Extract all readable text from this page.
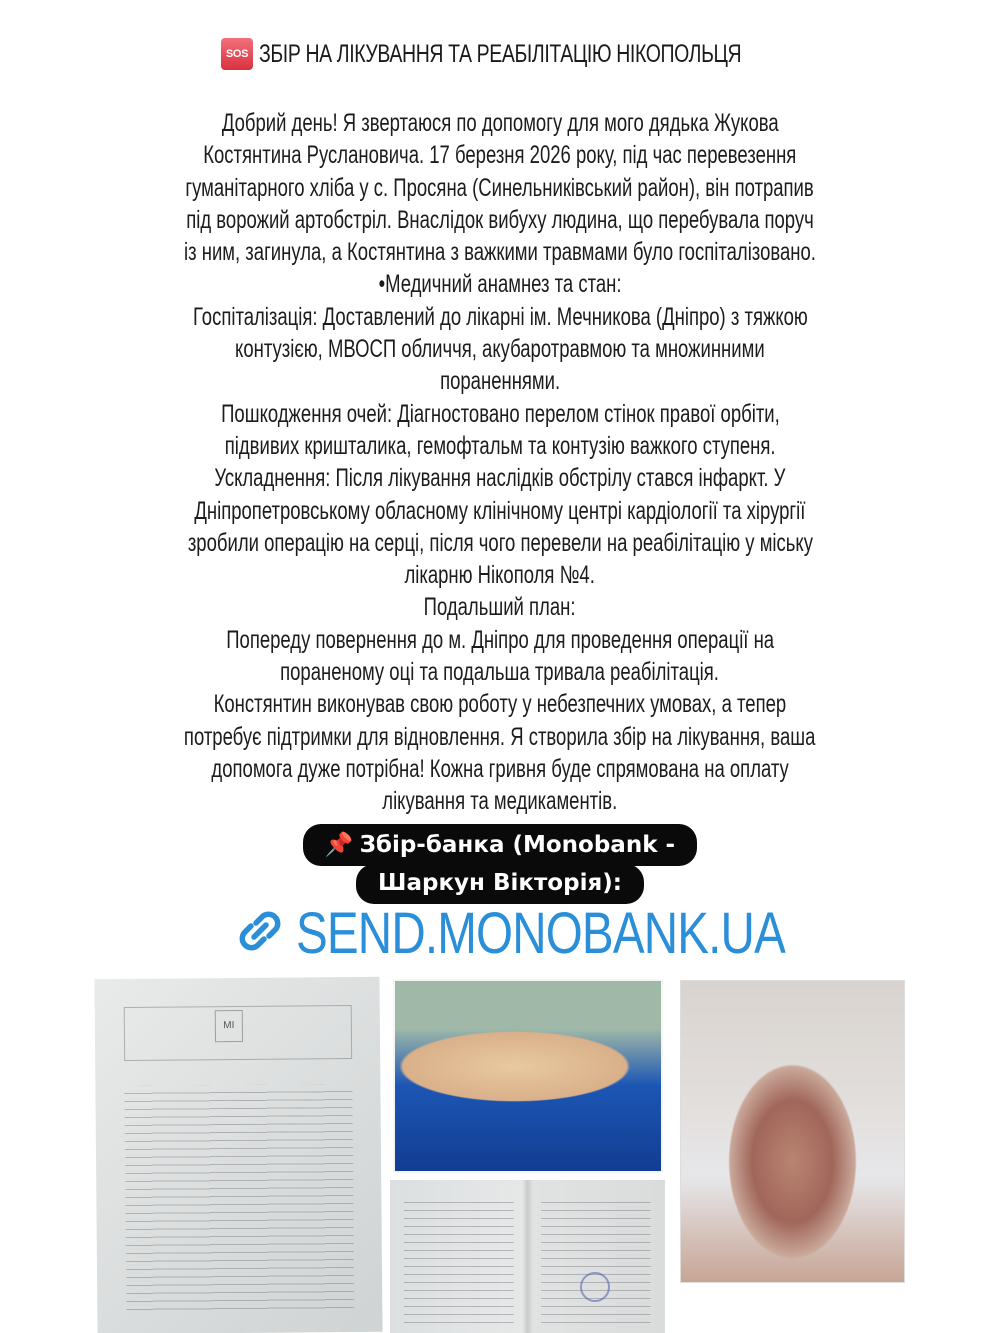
SOS ЗБІР НА ЛІКУВАННЯ ТА РЕАБІЛІТАЦІЮ НІКОПОЛЬЦЯ
Добрий день! Я звертаюся по допомогу для мого дядька Жукова
Костянтина Руслановича. 17 березня 2026 року, під час перевезення
гуманітарного хліба у с. Просяна (Синельниківський район), він потрапив
під ворожий артобстріл. Внаслідок вибуху людина, що перебувала поруч
із ним, загинула, а Костянтина з важкими травмами було госпіталізовано.
•Медичний анамнез та стан:
Госпіталізація: Доставлений до лікарні ім. Мечникова (Дніпро) з тяжкою
контузією, МВОСП обличчя, акубаротравмою та множинними
пораненнями.
Пошкодження очей: Діагностовано перелом стінок правої орбіти,
підвивих кришталика, гемофтальм та контузію важкого ступеня.
Ускладнення: Після лікування наслідків обстрілу стався інфаркт. У
Дніпропетровському обласному клінічному центрі кардіології та хірургії
зробили операцію на серці, після чого перевели на реабілітацію у міську
лікарню Нікополя №4.
Подальший план:
Попереду повернення до м. Дніпро для проведення операції на
пораненому оці та подальша тривала реабілітація.
Констянтин виконував свою роботу у небезпечних умовах, а тепер
потребує підтримки для відновлення. Я створила збір на лікування, ваша
допомога дуже потрібна! Кожна гривня буде спрямована на оплату
лікування та медикаментів.
📌 Збір-банка (Monobank -
Шаркун Вікторія):
SEND.MONOBANK.UA
МІ
